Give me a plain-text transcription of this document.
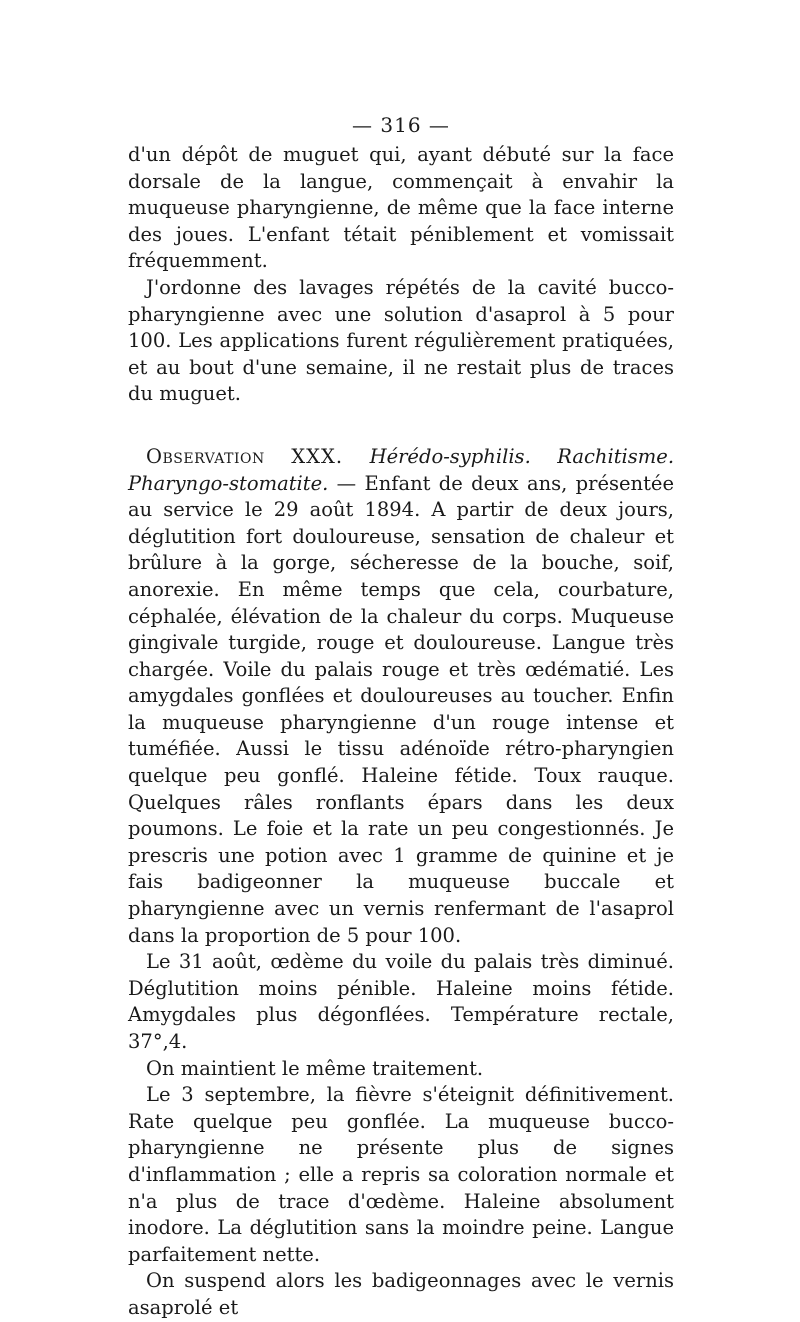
— 316 —

d'un dépôt de muguet qui, ayant débuté sur la face dorsale de la langue, commençait à envahir la muqueuse pharyngienne, de même que la face interne des joues. L'enfant tétait péniblement et vomissait fréquemment.

J'ordonne des lavages répétés de la cavité bucco-pharyngienne avec une solution d'asaprol à 5 pour 100. Les applications furent régulièrement pratiquées, et au bout d'une semaine, il ne restait plus de traces du muguet.

Observation XXX. Hérédo-syphilis. Rachitisme. Pharyngo-stomatite. — Enfant de deux ans, présentée au service le 29 août 1894. A partir de deux jours, déglutition fort douloureuse, sensation de chaleur et brûlure à la gorge, sécheresse de la bouche, soif, anorexie. En même temps que cela, courbature, céphalée, élévation de la chaleur du corps. Muqueuse gingivale turgide, rouge et douloureuse. Langue très chargée. Voile du palais rouge et très œdématié. Les amygdales gonflées et douloureuses au toucher. Enfin la muqueuse pharyngienne d'un rouge intense et tuméfiée. Aussi le tissu adénoïde rétro-pharyngien quelque peu gonflé. Haleine fétide. Toux rauque. Quelques râles ronflants épars dans les deux poumons. Le foie et la rate un peu congestionnés. Je prescris une potion avec 1 gramme de quinine et je fais badigeonner la muqueuse buccale et pharyngienne avec un vernis renfermant de l'asaprol dans la proportion de 5 pour 100.

Le 31 août, œdème du voile du palais très diminué. Déglutition moins pénible. Haleine moins fétide. Amygdales plus dégonflées. Température rectale, 37°,4.

On maintient le même traitement.

Le 3 septembre, la fièvre s'éteignit définitivement. Rate quelque peu gonflée. La muqueuse bucco-pharyngienne ne présente plus de signes d'inflammation ; elle a repris sa coloration normale et n'a plus de trace d'œdème. Haleine absolument inodore. La déglutition sans la moindre peine. Langue parfaitement nette.

On suspend alors les badigeonnages avec le vernis asaprolé et
